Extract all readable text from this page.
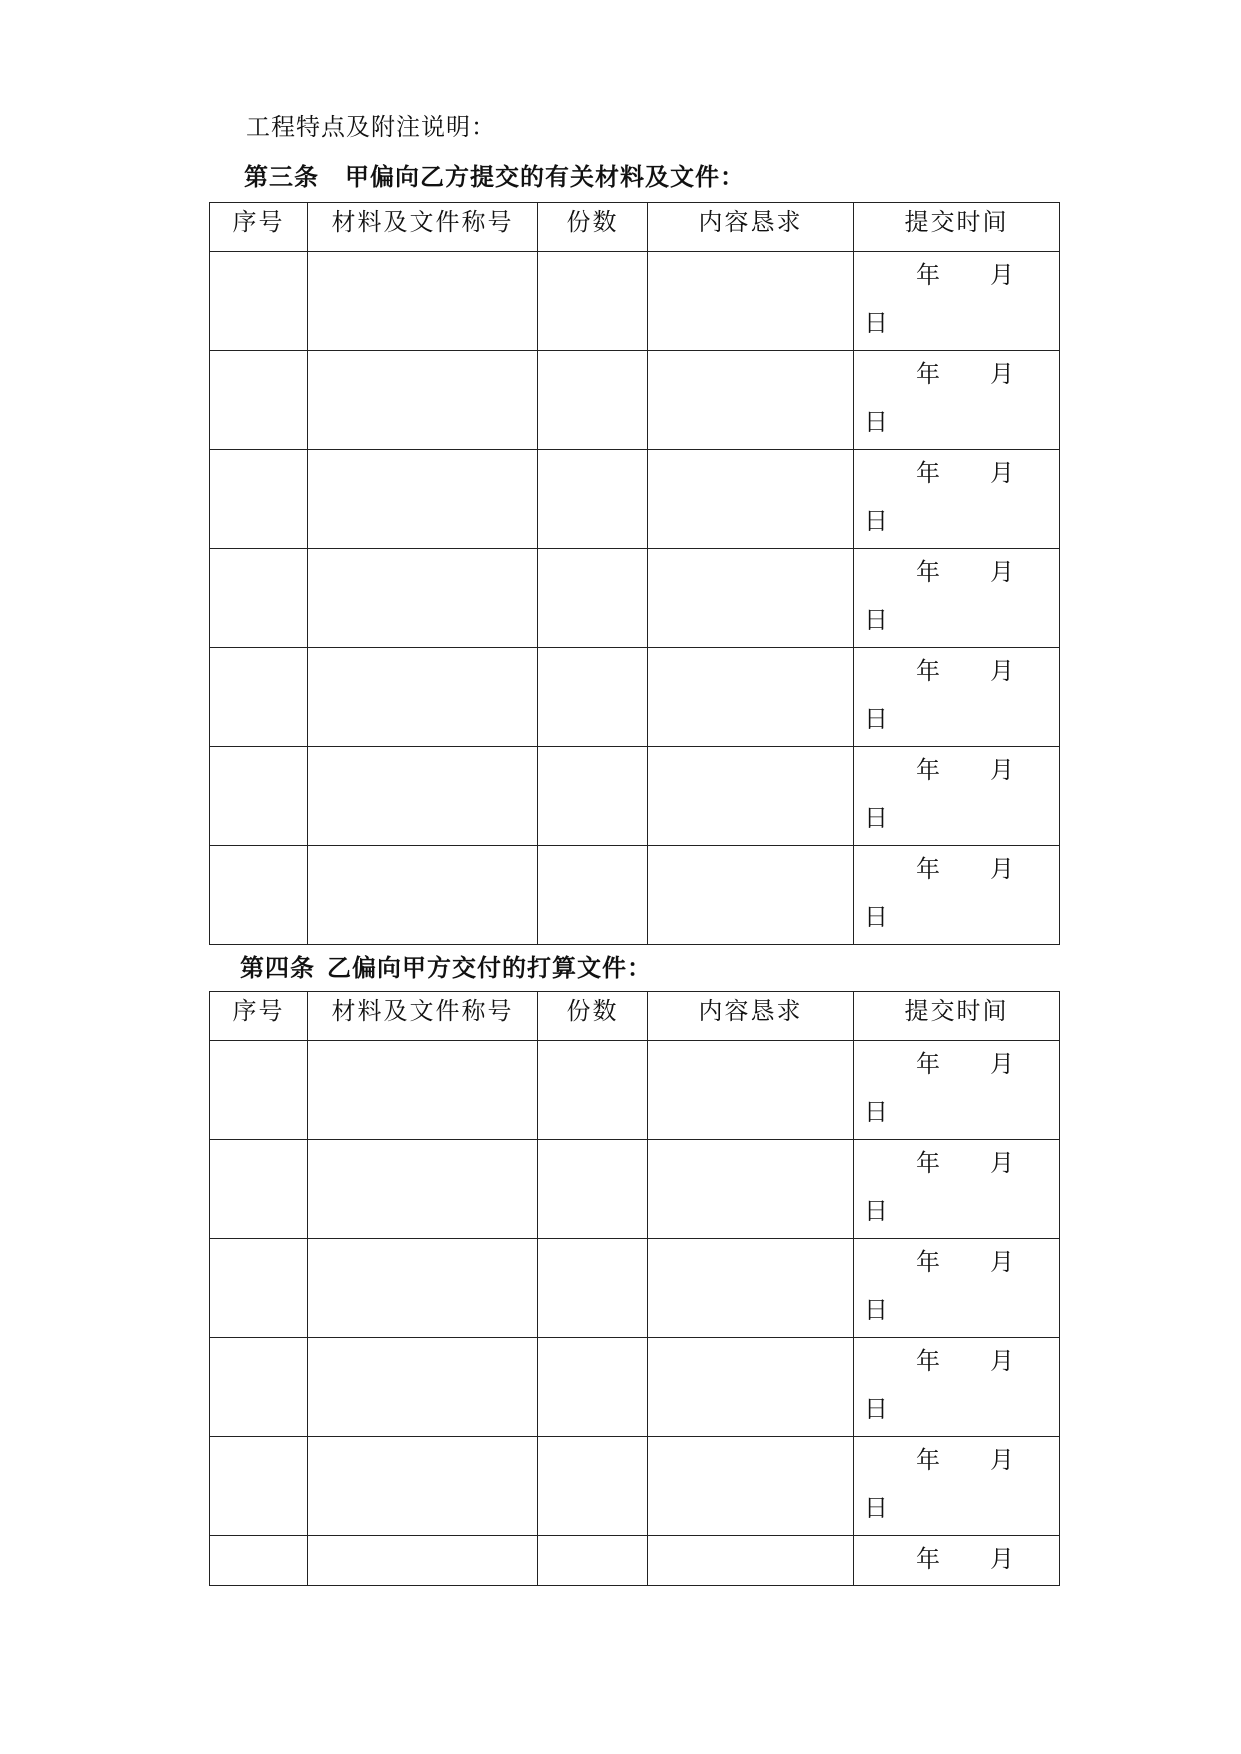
工程特点及附注说明：
第三条 甲偏向乙方提交的有关材料及文件：
序号	材料及文件称号	份数	内容恳求	提交时间

				年 月
日

				年 月
日

				年 月
日

				年 月
日

				年 月
日

				年 月
日

				年 月
日
第四条 乙偏向甲方交付的打算文件：
序号	材料及文件称号	份数	内容恳求	提交时间

				年 月
日

				年 月
日

				年 月
日

				年 月
日

				年 月
日

				年 月
